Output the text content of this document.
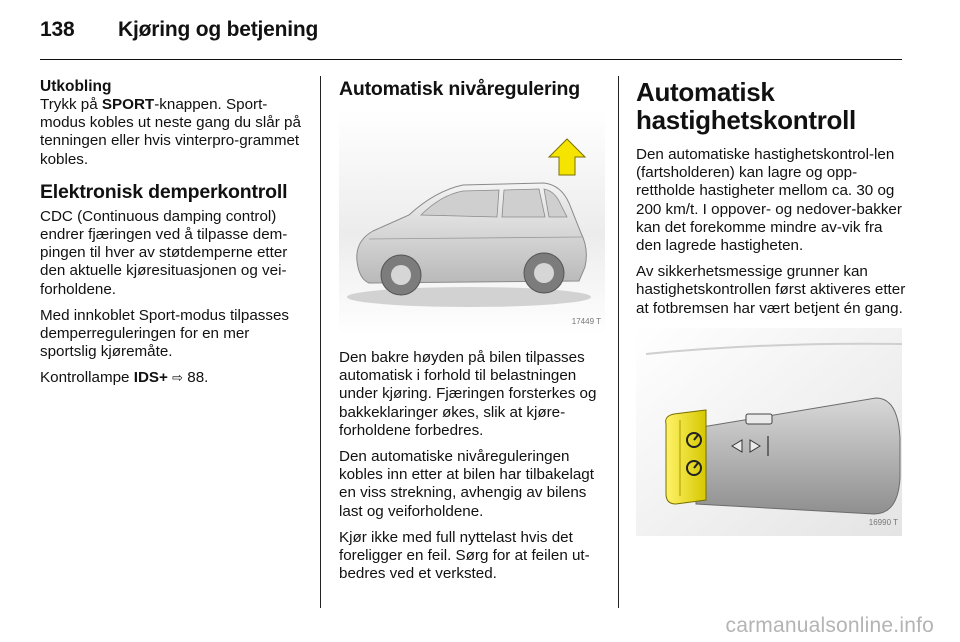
138 Kjøring og betjening
Utkobling

Trykk på SPORT-knappen. Sport-modus kobles ut neste gang du slår på tenningen eller hvis vinterpro-grammet kobles.

Elektronisk demperkontroll

CDC (Continuous damping control) endrer fjæringen ved å tilpasse dem-pingen til hver av støtdemperne etter den aktuelle kjøresituasjonen og vei-forholdene.

Med innkoblet Sport-modus tilpasses demperreguleringen for en mer sportslig kjøremåte.

Kontrollampe IDS+ ⇨ 88.

Automatisk nivåregulering
17449 T

Den bakre høyden på bilen tilpasses automatisk i forhold til belastningen under kjøring. Fjæringen forsterkes og bakkeklaringer økes, slik at kjøre-forholdene forbedres.

Den automatiske nivåreguleringen kobles inn etter at bilen har tilbakelagt en viss strekning, avhengig av bilens last og veiforholdene.

Kjør ikke med full nyttelast hvis det foreligger en feil. Sørg for at feilen ut-bedres ved et verksted.

Automatisk
hastighetskontroll

Den automatiske hastighetskontrol-len (fartsholderen) kan lagre og opp-rettholde hastigheter mellom ca. 30 og 200 km/t. I oppover- og nedover-bakker kan det forekomme mindre av-vik fra den lagrede hastigheten.

Av sikkerhetsmessige grunner kan hastighetskontrollen først aktiveres etter at fotbremsen har vært betjent én gang.

16990 T
carmanualsonline.info
